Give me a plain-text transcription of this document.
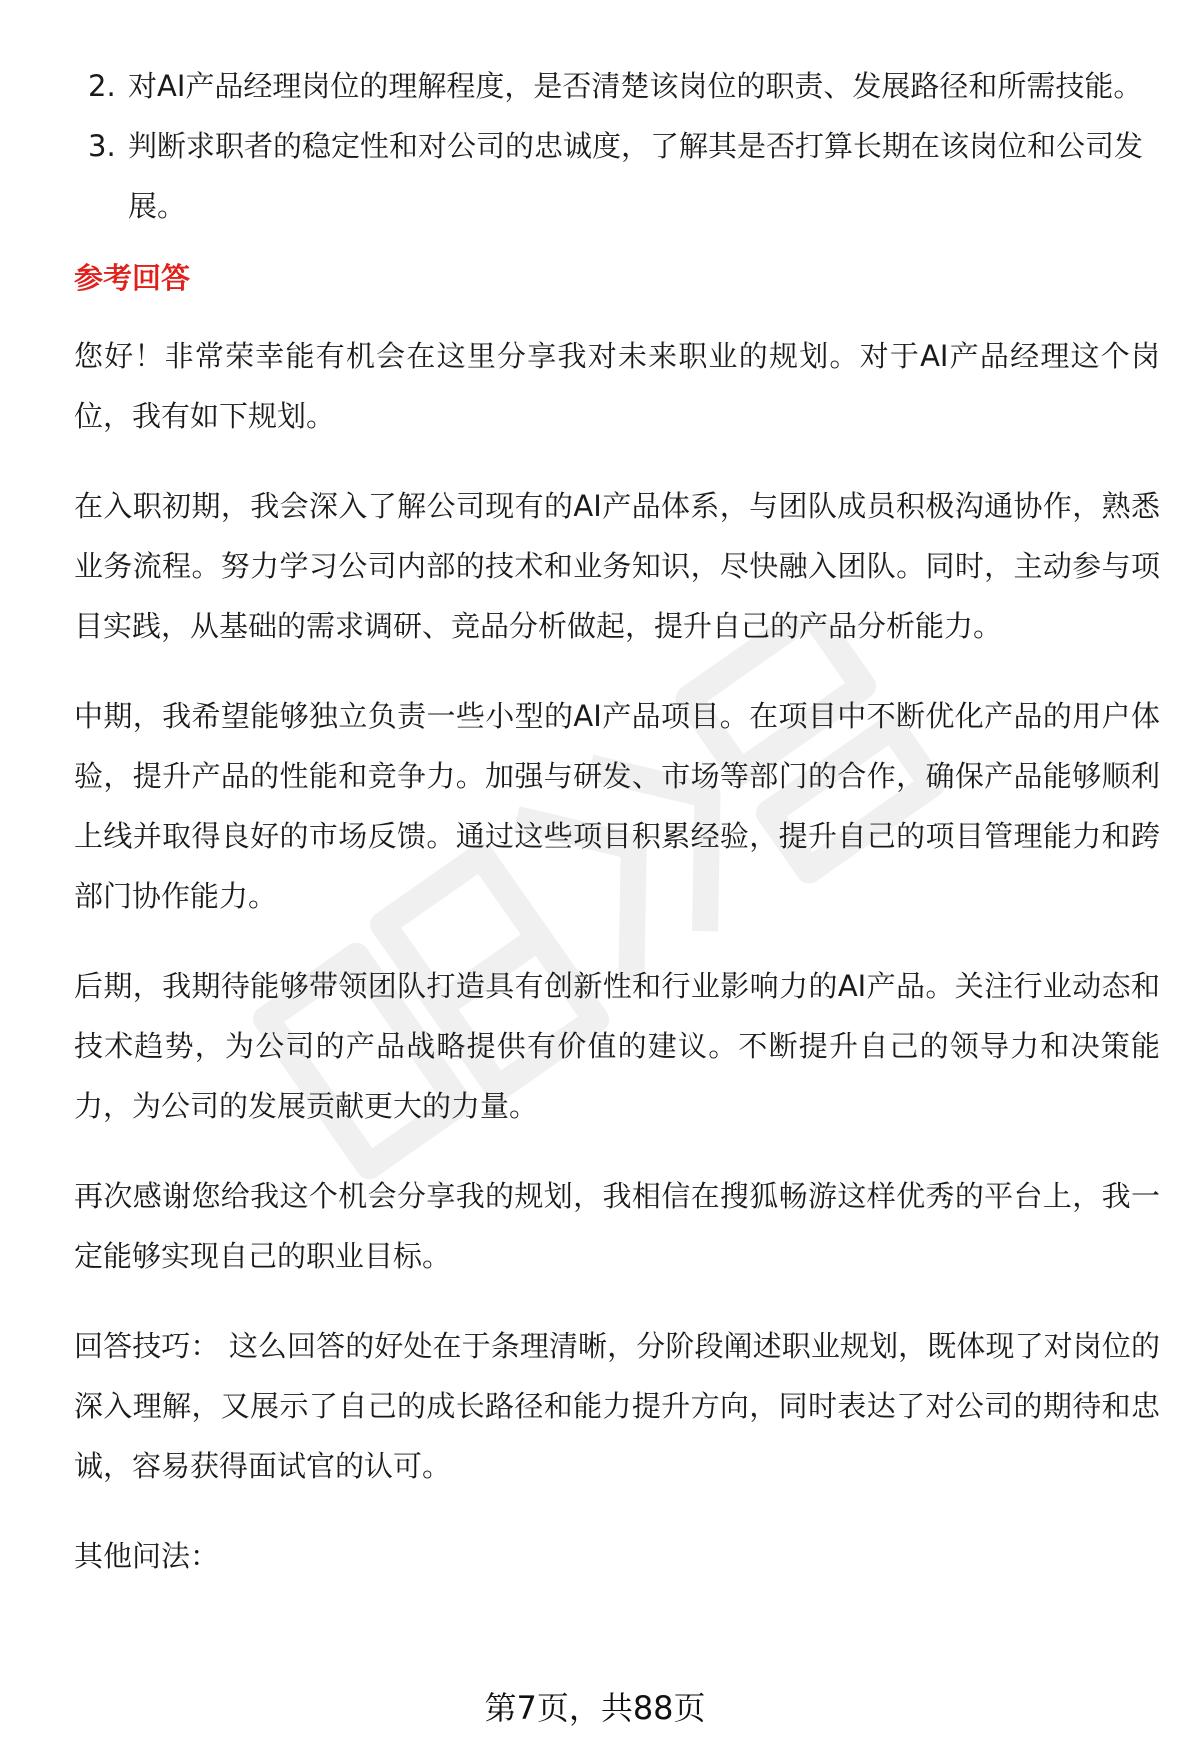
2. 对AI产品经理岗位的理解程度，是否清楚该岗位的职责、发展路径和所需技能。
3. 判断求职者的稳定性和对公司的忠诚度，了解其是否打算长期在该岗位和公司发展。
参考回答

您好！非常荣幸能有机会在这里分享我对未来职业的规划。对于AI产品经理这个岗位，我有如下规划。

在入职初期，我会深入了解公司现有的AI产品体系，与团队成员积极沟通协作，熟悉业务流程。努力学习公司内部的技术和业务知识，尽快融入团队。同时，主动参与项目实践，从基础的需求调研、竞品分析做起，提升自己的产品分析能力。

中期，我希望能够独立负责一些小型的AI产品项目。在项目中不断优化产品的用户体验，提升产品的性能和竞争力。加强与研发、市场等部门的合作，确保产品能够顺利上线并取得良好的市场反馈。通过这些项目积累经验，提升自己的项目管理能力和跨部门协作能力。

后期，我期待能够带领团队打造具有创新性和行业影响力的AI产品。关注行业动态和技术趋势，为公司的产品战略提供有价值的建议。不断提升自己的领导力和决策能力，为公司的发展贡献更大的力量。

再次感谢您给我这个机会分享我的规划，我相信在搜狐畅游这样优秀的平台上，我一定能够实现自己的职业目标。

回答技巧： 这么回答的好处在于条理清晰，分阶段阐述职业规划，既体现了对岗位的深入理解，又展示了自己的成长路径和能力提升方向，同时表达了对公司的期待和忠诚，容易获得面试官的认可。

其他问法：

第7页，共88页
